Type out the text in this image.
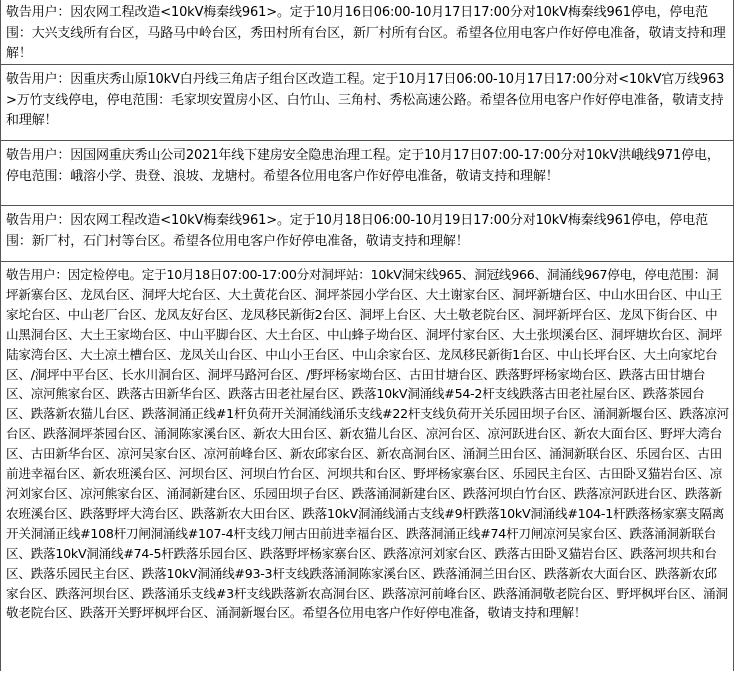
敬告用户：因农网工程改造<10kV梅秦线961>。定于10月16日06:00-10月17日17:00分对10kV梅秦线961停电，停电范围：大兴支线所有台区，马路马中岭台区，秀田村所有台区，新厂村所有台区。希望各位用电客户作好停电准备，敬请支持和理解！
敬告用户：因重庆秀山原10kV白丹线三角店子组台区改造工程。定于10月17日06:00-10月17日17:00分对<10kV官万线963>万竹支线停电，停电范围：毛家坝安置房小区、白竹山、三角村、秀松高速公路。希望各位用电客户作好停电准备，敬请支持和理解！
敬告用户：因国网重庆秀山公司2021年线下建房安全隐患治理工程。定于10月17日07:00-17:00分对10kV洪峨线971停电，停电范围：峨溶小学、贵登、浪坡、龙塘村。希望各位用电客户作好停电准备，敬请支持和理解！
敬告用户：因农网工程改造<10kV梅秦线961>。定于10月18日06:00-10月19日17:00分对10kV梅秦线961停电，停电范围：新厂村，石门村等台区。希望各位用电客户作好停电准备，敬请支持和理解！
敬告用户：因定检停电。定于10月18日07:00-17:00分对洞坪站：10kV洞宋线965、洞冠线966、洞涌线967停电，停电范围：洞坪新寨台区、龙凤台区、洞坪大坨台区、大土黄花台区、洞坪茶园小学台区、大土谢家台区、洞坪新塘台区、中山水田台区、中山王家坨台区、中山老厂台区、龙凤友好台区、龙凤移民新街2台区、洞坪上台区、大土敬老院台区、洞坪新坪台区、龙凤下街台区、中山黑洞台区、大土王家坳台区、中山平脚台区、大土台区、中山蜂子坳台区、洞坪付家台区、大土张坝溪台区、洞坪塘坎台区、洞坪陆家湾台区、大土凉土槽台区、龙凤关山台区、中山小王台区、中山余家台区、龙凤移民新街1台区、中山长坪台区、大土向家坨台区、/洞坪中平台区、长水川洞台区、洞坪马路河台区、/野坪杨家坳台区、古田甘塘台区、跌落野坪杨家坳台区、跌落古田甘塘台区、凉河熊家台区、跌落古田新华台区、跌落古田老社屋台区、跌落10kV洞涌线#54-2杆支线跌落古田老社屋台区、跌落茶园台区、跌落新农猫儿台区、跌落洞涌正线#1杆负荷开关洞涌线涌乐支线#22杆支线负荷开关乐园田坝子台区、涌洞新堰台区、跌落凉河台区、跌落洞坪茶园台区、涌洞陈家溪台区、新农大田台区、新农猫儿台区、凉河台区、凉河跃进台区、新农大面台区、野坪大湾台区、古田新华台区、凉河吴家台区、凉河前峰台区、新农邱家台区、新农高洞台区、涌洞兰田台区、涌洞新联台区、乐园台区、古田前进幸福台区、新农班溪台区、河坝台区、河坝白竹台区、河坝共和台区、野坪杨家寨台区、乐园民主台区、古田卧叉猫岩台区、凉河刘家台区、凉河熊家台区、涌洞新建台区、乐园田坝子台区、跌落涌洞新建台区、跌落河坝白竹台区、跌落凉河跃进台区、跌落新农班溪台区、跌落野坪大湾台区、跌落新农大田台区、跌落10kV洞涌线涌古支线#9杆跌落10kV洞涌线#104-1杆跌落杨家寨支隔离开关洞涌正线#108杆刀闸洞涌线#107-4杆支线刀闸古田前进幸福台区、跌落洞涌正线#74杆刀闸凉河吴家台区、跌落涌洞新联台区、跌落10kV洞涌线#74-5杆跌落乐园台区、跌落野坪杨家寨台区、跌落凉河刘家台区、跌落古田卧叉猫岩台区、跌落河坝共和台区、跌落乐园民主台区、跌落10kV洞涌线#93-3杆支线跌落涌洞陈家溪台区、跌落涌洞兰田台区、跌落新农大面台区、跌落新农邱家台区、跌落河坝台区、跌落涌乐支线#3杆支线跌落新农高洞台区、跌落凉河前峰台区、跌落涌洞敬老院台区、野坪枫坪台区、涌洞敬老院台区、跌落开关野坪枫坪台区、涌洞新堰台区。希望各位用电客户作好停电准备，敬请支持和理解！
